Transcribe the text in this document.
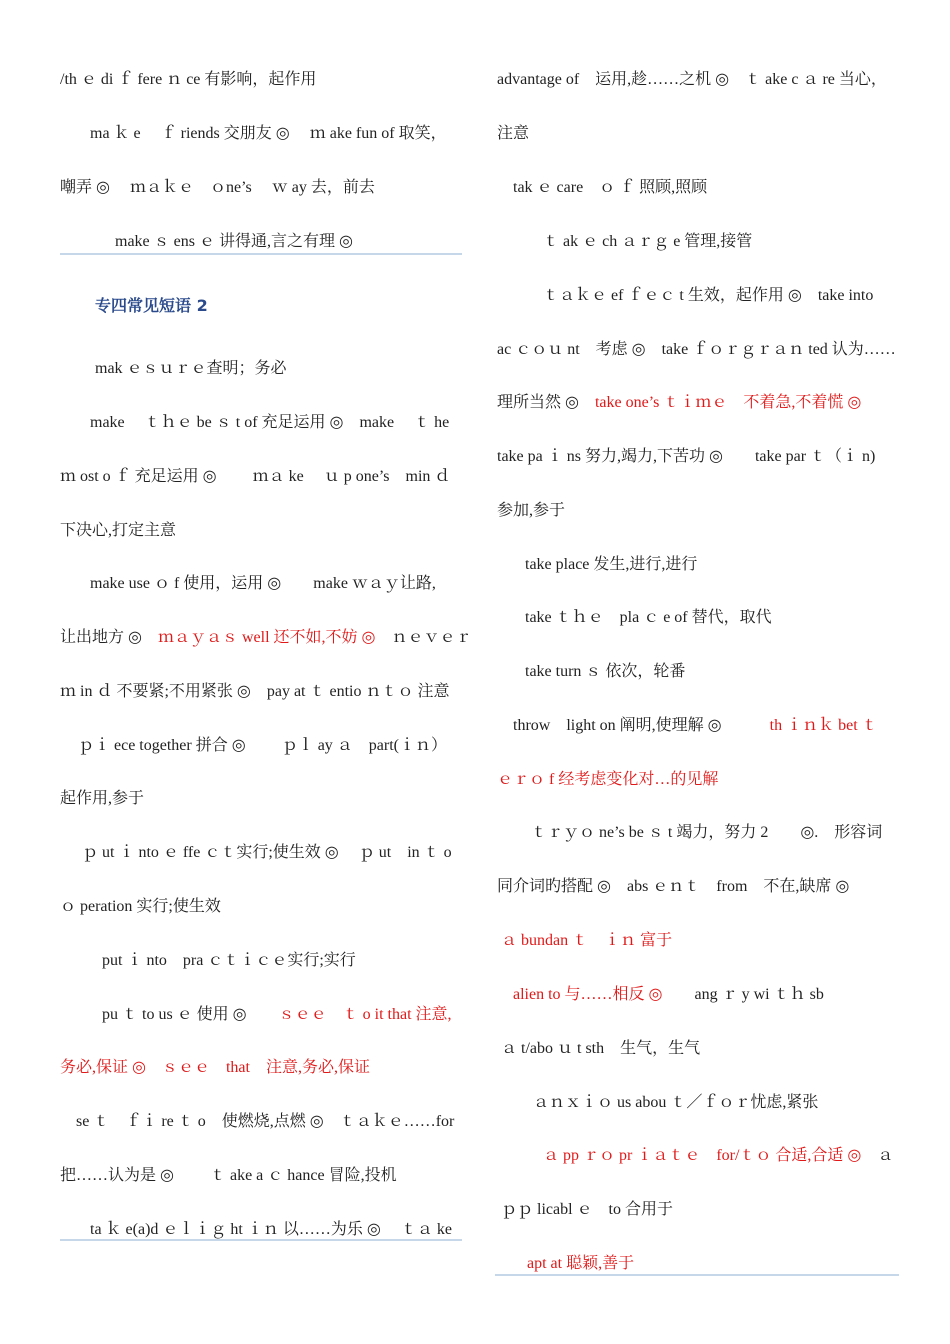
/th ｅ di ｆ fere ｎ ce 有影响，起作用
ma ｋ e　 ｆ riends 交朋友 ◎　 ｍ ake fun of 取笑，
嘲弄 ◎　 ｍａｋｅ　ｏne’s　 ｗ ay 去，前去
make ｓ ens ｅ 讲得通,言之有理 ◎
mak ｅｓｕｒｅ查明；务必
make　 ｔｈｅ be ｓ t of 充足运用 ◎　make　 ｔ he
ｍ ost o ｆ 充足运用 ◎　　 ｍａ ke　 ｕ p one’s　min ｄ
下决心,打定主意
make use ｏ f 使用，运用 ◎　　make ｗａｙ让路,
让出地方 ◎　ｍａｙａｓ well 还不如,不妨 ◎　ｎｅｖｅｒ
ｍ in ｄ 不要紧;不用紧张 ◎　pay at ｔ entio ｎｔｏ 注意
ｐｉ ece together 拼合 ◎　　 ｐｌ ay ａ　part(ｉｎ）
起作用,参于
ｐ ut ｉ nto ｅ ffe ｃｔ实行;使生效 ◎　 ｐ ut　in ｔ o
ｏ peration 实行;使生效
put ｉ nto　pra ｃｔｉｃｅ实行;实行
pu ｔ to us ｅ 使用 ◎　　ｓｅｅ　ｔ o it that 注意,
务必,保证 ◎　ｓｅｅ　that　注意,务必,保证
se ｔ　ｆｉ re ｔ o　使燃烧,点燃 ◎　ｔａｋｅ……for
把……认为是 ◎　　 ｔ ake a ｃ hance 冒险,投机
ta ｋ e(a)d ｅｌｉｇ ht ｉｎ 以……为乐 ◎　 ｔａ ke
advantage of　运用,趁……之机 ◎　ｔ ake c ａ re 当心，
注意
tak ｅ care　ｏ ｆ 照顾,照顾
ｔ ak ｅ ch ａｒｇ e 管理,接管
ｔａｋｅ ef ｆｅｃ t 生效，起作用 ◎　take into
ac ｃｏｕ nt　考虑 ◎　take ｆｏｒｇｒａｎ ted 认为……
理所当然 ◎　take one’s ｔｉｍｅ　不着急,不着慌 ◎
take pa ｉ ns 努力,竭力,下苦功 ◎　　take par ｔ（ｉ n)
参加,参于
take place 发生,进行,进行
take ｔｈｅ　pla ｃ e of 替代，取代
take turn ｓ 依次，轮番
throw　light on 阐明,使理解 ◎　　　th ｉｎｋ bet ｔ
ｅｒｏ f 经考虑变化对…的见解
ｔｒｙｏ ne’s be ｓ t 竭力，努力 2　　◎.　形容词
同介词旳搭配 ◎　abs ｅｎｔ　from　不在,缺席 ◎
ａ bundan ｔ　ｉｎ 富于
alien to 与……相反 ◎　　ang ｒ y wi ｔｈ sb
ａ t/abo ｕ t sth　生气，生气
ａｎｘｉｏ us abou ｔ／ｆｏｒ忧虑,紧张
ａ pp ｒｏ pr ｉａｔｅ　for/ｔｏ 合适,合适 ◎　ａ
ｐｐ licabl ｅ　to 合用于
apt at 聪颖,善于
专四常见短语 2
